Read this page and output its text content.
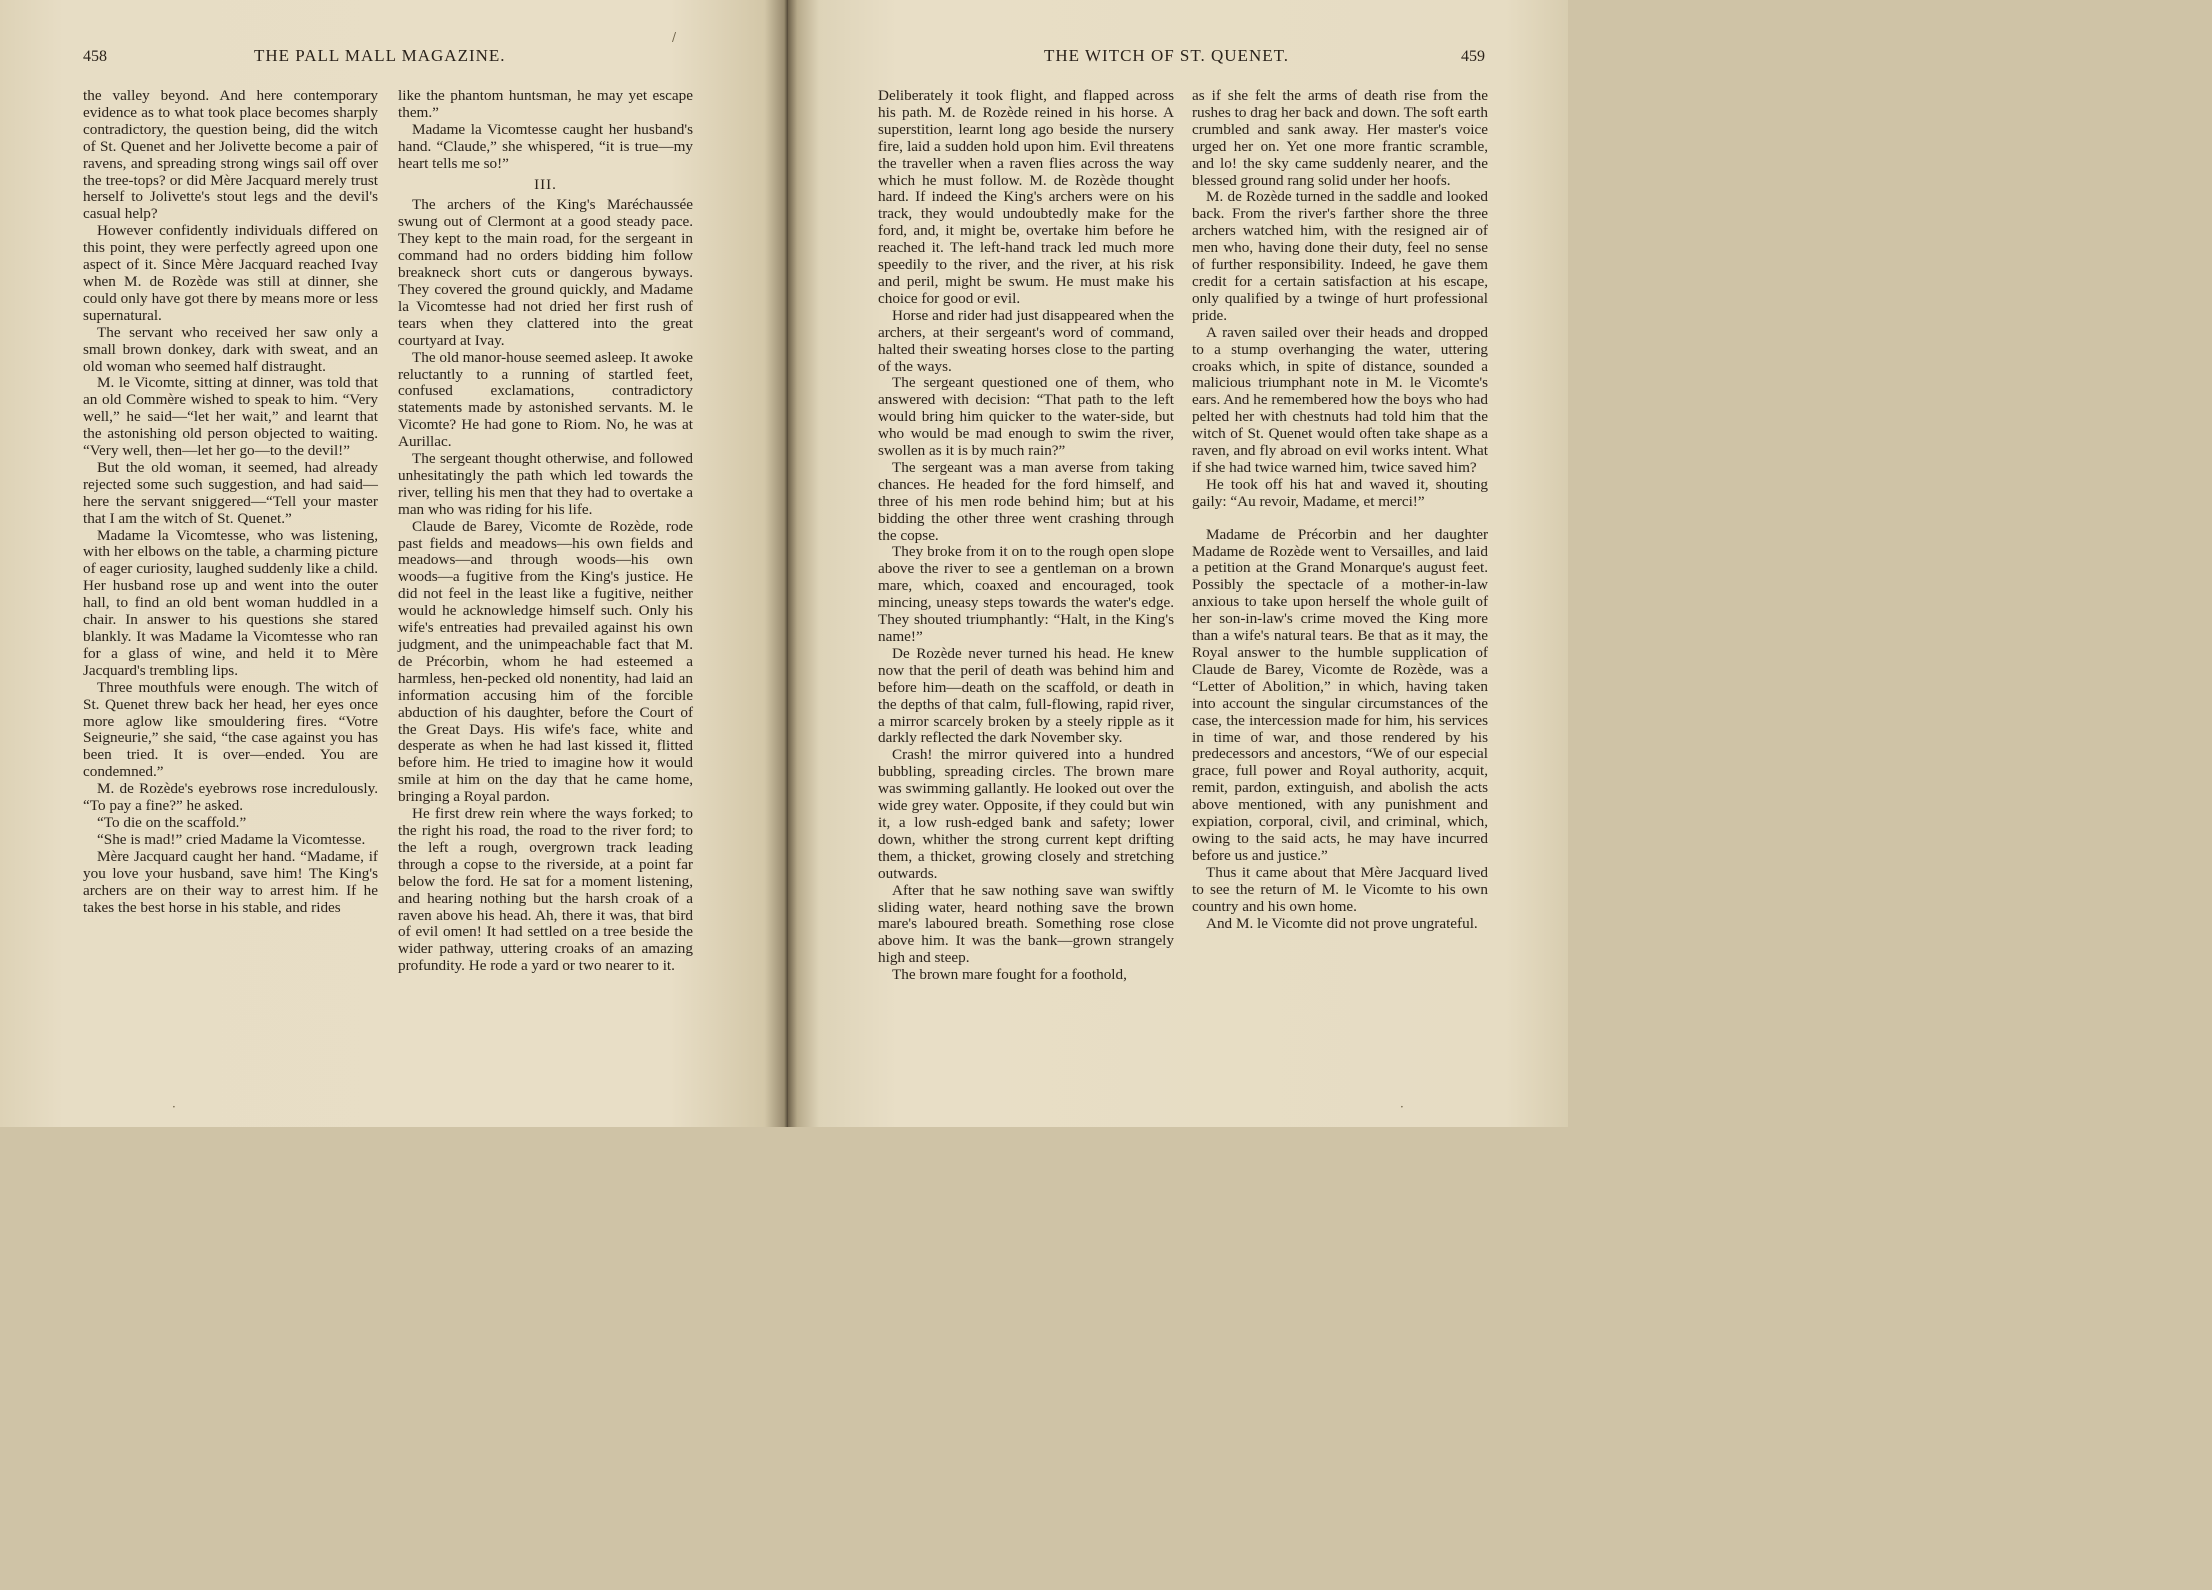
458	THE PALL MALL MAGAZINE.

the valley beyond. And here contemporary evidence as to what took place becomes sharply contradictory, the question being, did the witch of St. Quenet and her Jolivette become a pair of ravens, and spreading strong wings sail off over the tree-tops? or did Mère Jacquard merely trust herself to Jolivette's stout legs and the devil's casual help?

However confidently individuals differed on this point, they were perfectly agreed upon one aspect of it. Since Mère Jacquard reached Ivay when M. de Rozède was still at dinner, she could only have got there by means more or less supernatural.

The servant who received her saw only a small brown donkey, dark with sweat, and an old woman who seemed half distraught.

M. le Vicomte, sitting at dinner, was told that an old Commère wished to speak to him. “Very well,” he said—“let her wait,” and learnt that the astonishing old person objected to waiting. “Very well, then—let her go—to the devil!”

But the old woman, it seemed, had already rejected some such suggestion, and had said—here the servant sniggered—“Tell your master that I am the witch of St. Quenet.”

Madame la Vicomtesse, who was listening, with her elbows on the table, a charming picture of eager curiosity, laughed suddenly like a child. Her husband rose up and went into the outer hall, to find an old bent woman huddled in a chair. In answer to his questions she stared blankly. It was Madame la Vicomtesse who ran for a glass of wine, and held it to Mère Jacquard's trembling lips.

Three mouthfuls were enough. The witch of St. Quenet threw back her head, her eyes once more aglow like smouldering fires. “Votre Seigneurie,” she said, “the case against you has been tried. It is over—ended. You are condemned.”

M. de Rozède's eyebrows rose incredulously. “To pay a fine?” he asked.

“To die on the scaffold.”

“She is mad!” cried Madame la Vicomtesse.

Mère Jacquard caught her hand. “Madame, if you love your husband, save him! The King's archers are on their way to arrest him. If he takes the best horse in his stable, and rides

like the phantom huntsman, he may yet escape them.”

Madame la Vicomtesse caught her husband's hand. “Claude,” she whispered, “it is true—my heart tells me so!”

III.

The archers of the King's Maréchaussée swung out of Clermont at a good steady pace. They kept to the main road, for the sergeant in command had no orders bidding him follow breakneck short cuts or dangerous byways. They covered the ground quickly, and Madame la Vicomtesse had not dried her first rush of tears when they clattered into the great courtyard at Ivay.

The old manor-house seemed asleep. It awoke reluctantly to a running of startled feet, confused exclamations, contradictory statements made by astonished servants. M. le Vicomte? He had gone to Riom. No, he was at Aurillac.

The sergeant thought otherwise, and followed unhesitatingly the path which led towards the river, telling his men that they had to overtake a man who was riding for his life.

Claude de Barey, Vicomte de Rozède, rode past fields and meadows—his own fields and meadows—and through woods—his own woods—a fugitive from the King's justice. He did not feel in the least like a fugitive, neither would he acknowledge himself such. Only his wife's entreaties had prevailed against his own judgment, and the unimpeachable fact that M. de Précorbin, whom he had esteemed a harmless, hen-pecked old nonentity, had laid an information accusing him of the forcible abduction of his daughter, before the Court of the Great Days. His wife's face, white and desperate as when he had last kissed it, flitted before him. He tried to imagine how it would smile at him on the day that he came home, bringing a Royal pardon.

He first drew rein where the ways forked; to the right his road, the road to the river ford; to the left a rough, overgrown track leading through a copse to the riverside, at a point far below the ford. He sat for a moment listening, and hearing nothing but the harsh croak of a raven above his head. Ah, there it was, that bird of evil omen! It had settled on a tree beside the wider pathway, uttering croaks of an amazing profundity. He rode a yard or two nearer to it.

·
/
THE WITCH OF ST. QUENET.	459

Deliberately it took flight, and flapped across his path. M. de Rozède reined in his horse. A superstition, learnt long ago beside the nursery fire, laid a sudden hold upon him. Evil threatens the traveller when a raven flies across the way which he must follow. M. de Rozède thought hard. If indeed the King's archers were on his track, they would undoubtedly make for the ford, and, it might be, overtake him before he reached it. The left-hand track led much more speedily to the river, and the river, at his risk and peril, might be swum. He must make his choice for good or evil.

Horse and rider had just disappeared when the archers, at their sergeant's word of command, halted their sweating horses close to the parting of the ways.

The sergeant questioned one of them, who answered with decision: “That path to the left would bring him quicker to the water-side, but who would be mad enough to swim the river, swollen as it is by much rain?”

The sergeant was a man averse from taking chances. He headed for the ford himself, and three of his men rode behind him; but at his bidding the other three went crashing through the copse.

They broke from it on to the rough open slope above the river to see a gentleman on a brown mare, which, coaxed and encouraged, took mincing, uneasy steps towards the water's edge. They shouted triumphantly: “Halt, in the King's name!”

De Rozède never turned his head. He knew now that the peril of death was behind him and before him—death on the scaffold, or death in the depths of that calm, full-flowing, rapid river, a mirror scarcely broken by a steely ripple as it darkly reflected the dark November sky.

Crash! the mirror quivered into a hundred bubbling, spreading circles. The brown mare was swimming gallantly. He looked out over the wide grey water. Opposite, if they could but win it, a low rush-edged bank and safety; lower down, whither the strong current kept drifting them, a thicket, growing closely and stretching outwards.

After that he saw nothing save wan swiftly sliding water, heard nothing save the brown mare's laboured breath. Something rose close above him. It was the bank—grown strangely high and steep.

The brown mare fought for a foothold,

as if she felt the arms of death rise from the rushes to drag her back and down. The soft earth crumbled and sank away. Her master's voice urged her on. Yet one more frantic scramble, and lo! the sky came suddenly nearer, and the blessed ground rang solid under her hoofs.

M. de Rozède turned in the saddle and looked back. From the river's farther shore the three archers watched him, with the resigned air of men who, having done their duty, feel no sense of further responsibility. Indeed, he gave them credit for a certain satisfaction at his escape, only qualified by a twinge of hurt professional pride.

A raven sailed over their heads and dropped to a stump overhanging the water, uttering croaks which, in spite of distance, sounded a malicious triumphant note in M. le Vicomte's ears. And he remembered how the boys who had pelted her with chestnuts had told him that the witch of St. Quenet would often take shape as a raven, and fly abroad on evil works intent. What if she had twice warned him, twice saved him?

He took off his hat and waved it, shouting gaily: “Au revoir, Madame, et merci!”

Madame de Précorbin and her daughter Madame de Rozède went to Versailles, and laid a petition at the Grand Monarque's august feet. Possibly the spectacle of a mother-in-law anxious to take upon herself the whole guilt of her son-in-law's crime moved the King more than a wife's natural tears. Be that as it may, the Royal answer to the humble supplication of Claude de Barey, Vicomte de Rozède, was a “Letter of Abolition,” in which, having taken into account the singular circumstances of the case, the intercession made for him, his services in time of war, and those rendered by his predecessors and ancestors, “We of our especial grace, full power and Royal authority, acquit, remit, pardon, extinguish, and abolish the acts above mentioned, with any punishment and expiation, corporal, civil, and criminal, which, owing to the said acts, he may have incurred before us and justice.”

Thus it came about that Mère Jacquard lived to see the return of M. le Vicomte to his own country and his own home.

And M. le Vicomte did not prove ungrateful.

·
